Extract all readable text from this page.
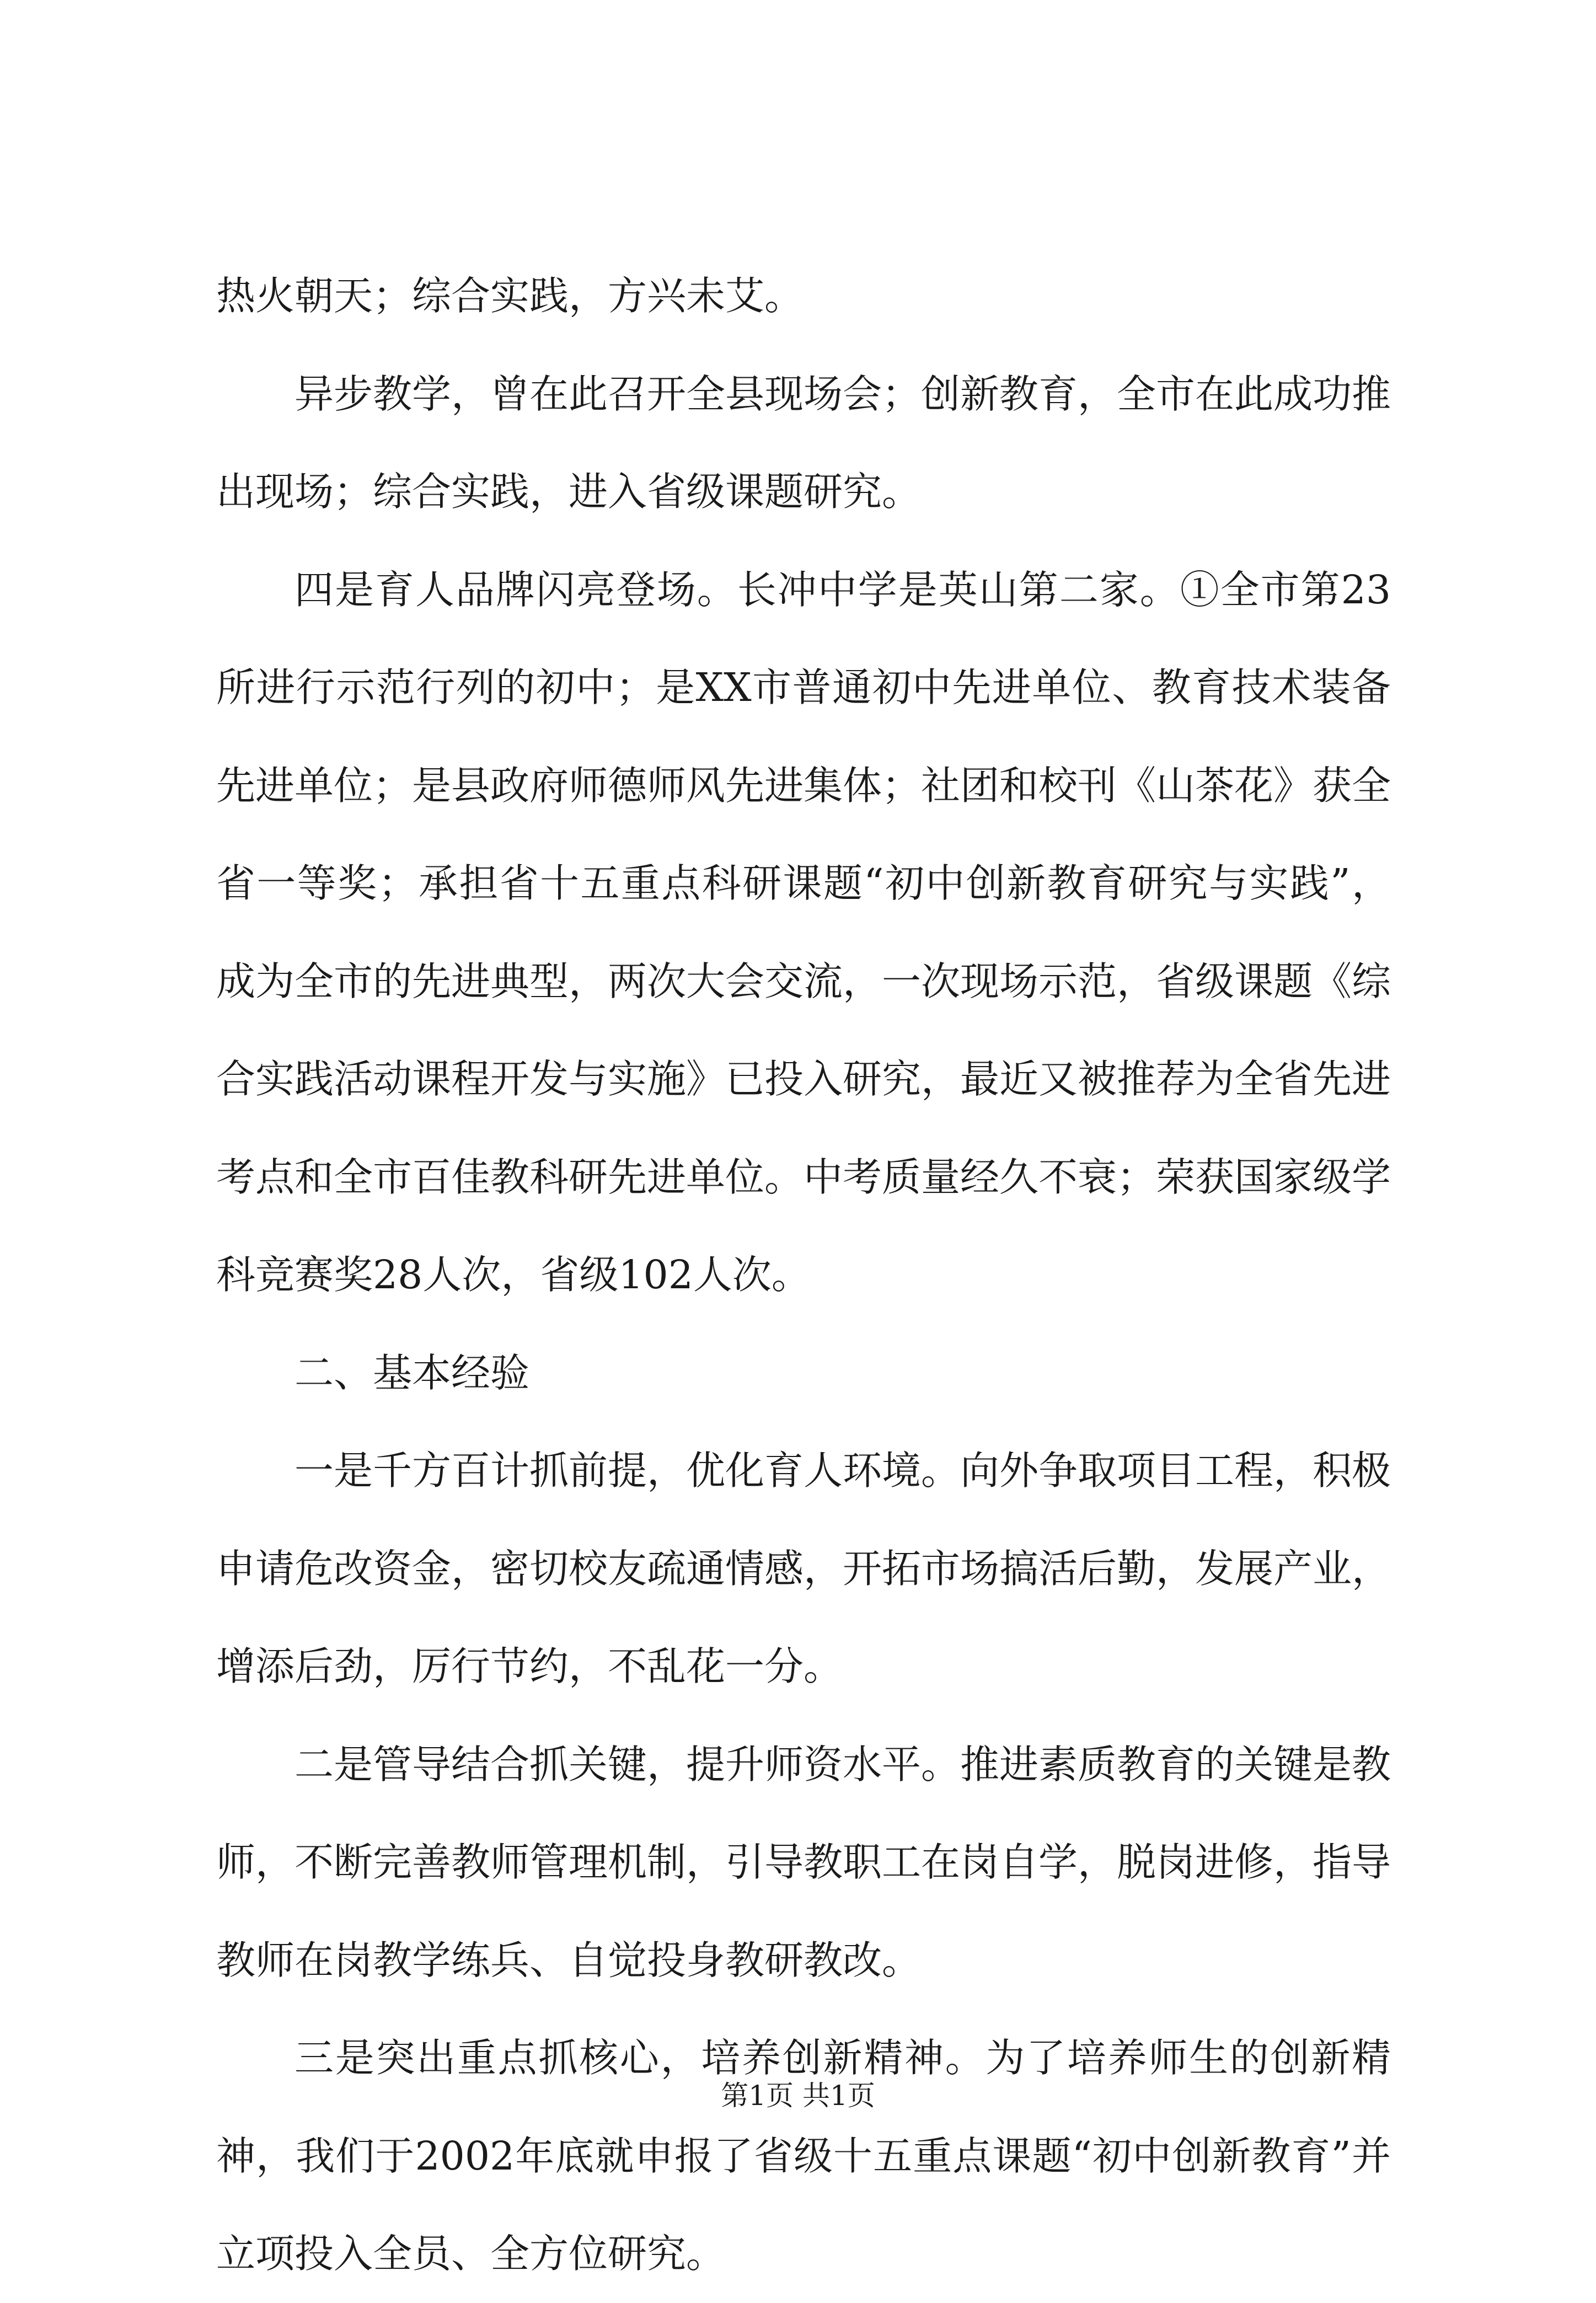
热火朝天；综合实践，方兴未艾。

异步教学，曾在此召开全县现场会；创新教育，全市在此成功推出现场；综合实践，进入省级课题研究。

四是育人品牌闪亮登场。长冲中学是英山第二家。①全市第23所进行示范行列的初中；是XX市普通初中先进单位、教育技术装备先进单位；是县政府师德师风先进集体；社团和校刊《山茶花》获全省一等奖；承担省十五重点科研课题“初中创新教育研究与实践”，成为全市的先进典型，两次大会交流，一次现场示范，省级课题《综合实践活动课程开发与实施》已投入研究，最近又被推荐为全省先进考点和全市百佳教科研先进单位。中考质量经久不衰；荣获国家级学科竞赛奖28人次，省级102人次。

二、基本经验

一是千方百计抓前提，优化育人环境。向外争取项目工程，积极申请危改资金，密切校友疏通情感，开拓市场搞活后勤，发展产业，增添后劲，厉行节约，不乱花一分。

二是管导结合抓关键，提升师资水平。推进素质教育的关键是教师，不断完善教师管理机制，引导教职工在岗自学，脱岗进修，指导教师在岗教学练兵、自觉投身教研教改。

三是突出重点抓核心，培养创新精神。为了培养师生的创新精神，我们于2002年底就申报了省级十五重点课题“初中创新教育”并立项投入全员、全方位研究。

第1页 共1页
